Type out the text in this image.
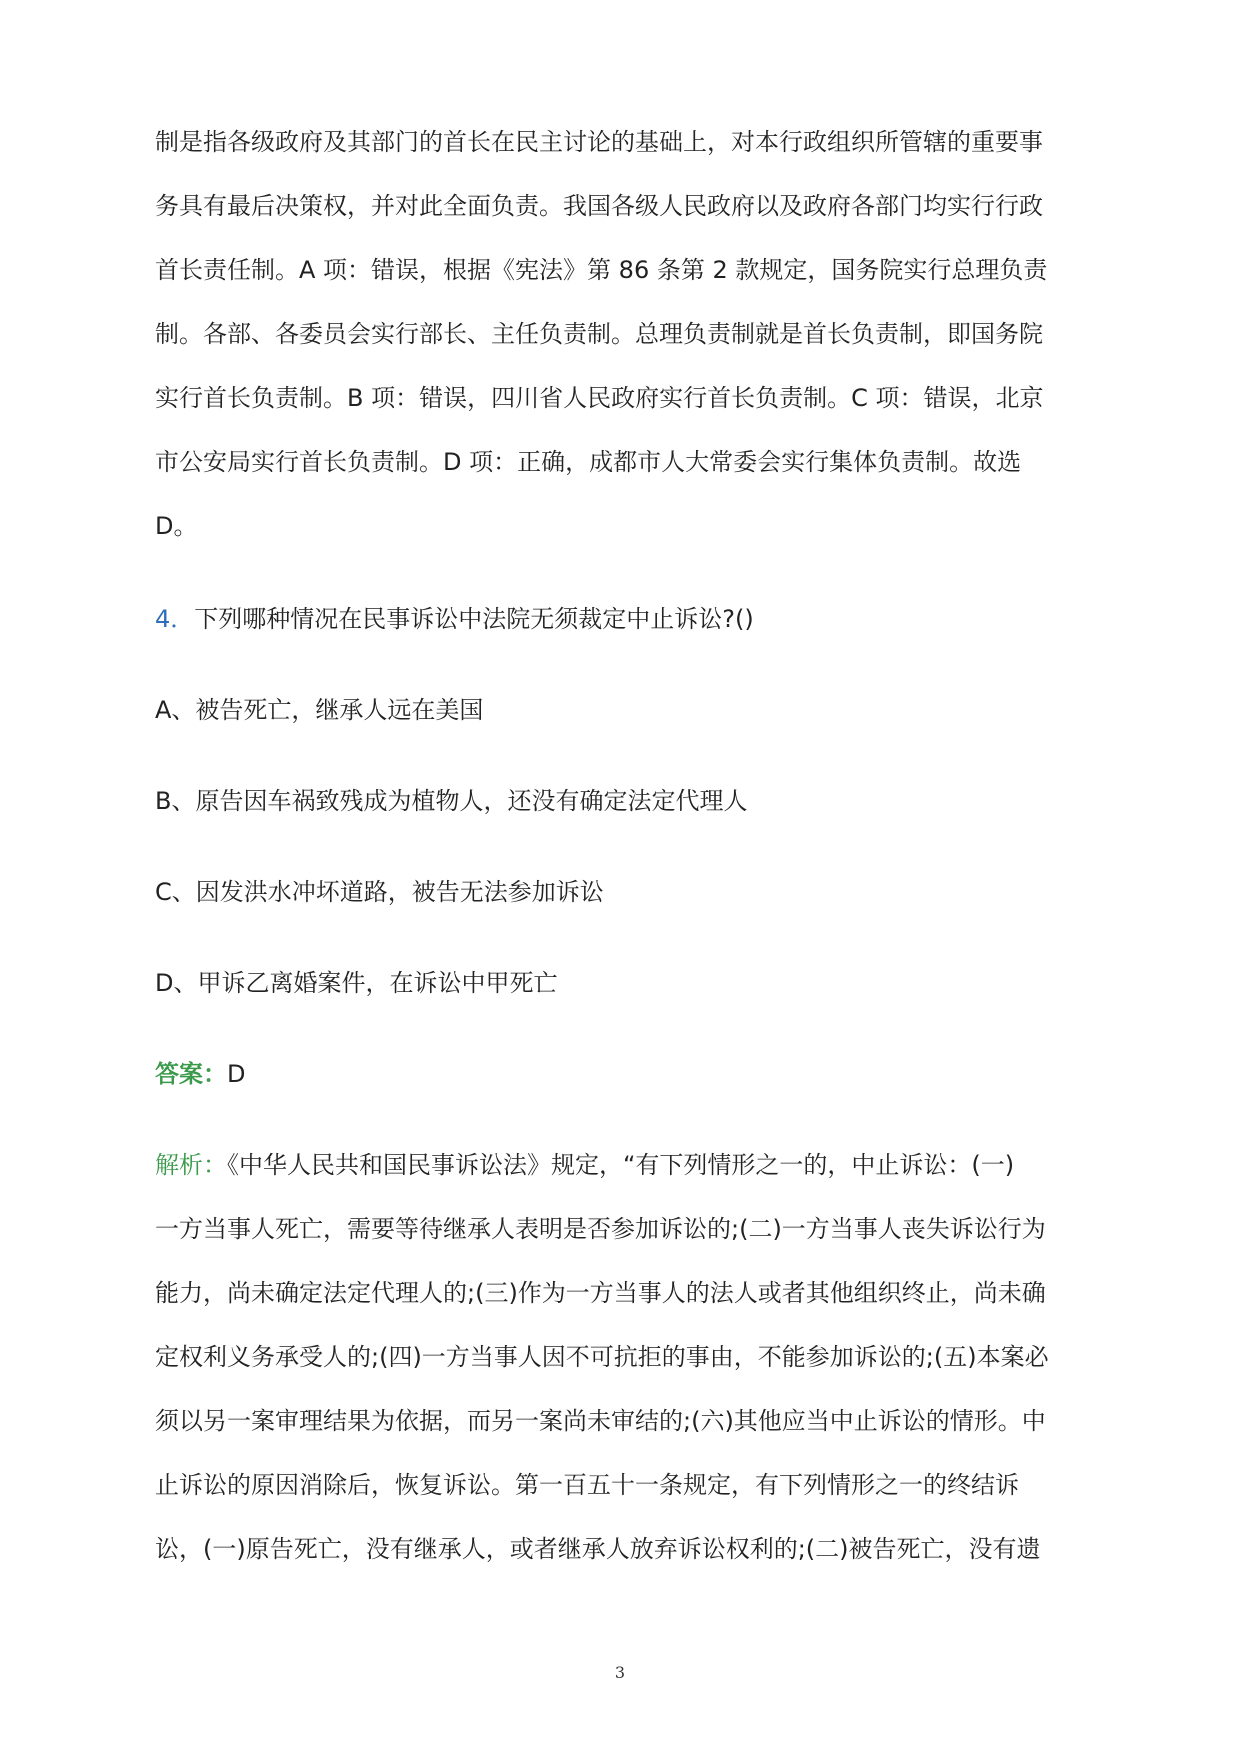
制是指各级政府及其部门的首长在民主讨论的基础上，对本行政组织所管辖的重要事
务具有最后决策权，并对此全面负责。我国各级人民政府以及政府各部门均实行行政
首长责任制。A 项：错误，根据《宪法》第 86 条第 2 款规定，国务院实行总理负责
制。各部、各委员会实行部长、主任负责制。总理负责制就是首长负责制，即国务院
实行首长负责制。B 项：错误，四川省人民政府实行首长负责制。C 项：错误，北京
市公安局实行首长负责制。D 项：正确，成都市人大常委会实行集体负责制。故选
D。
4．下列哪种情况在民事诉讼中法院无须裁定中止诉讼?()
A、被告死亡，继承人远在美国
B、原告因车祸致残成为植物人，还没有确定法定代理人
C、因发洪水冲坏道路，被告无法参加诉讼
D、甲诉乙离婚案件，在诉讼中甲死亡
答案：D
解析：《中华人民共和国民事诉讼法》规定，“有下列情形之一的，中止诉讼：(一)
一方当事人死亡，需要等待继承人表明是否参加诉讼的;(二)一方当事人丧失诉讼行为
能力，尚未确定法定代理人的;(三)作为一方当事人的法人或者其他组织终止，尚未确
定权利义务承受人的;(四)一方当事人因不可抗拒的事由，不能参加诉讼的;(五)本案必
须以另一案审理结果为依据，而另一案尚未审结的;(六)其他应当中止诉讼的情形。中
止诉讼的原因消除后，恢复诉讼。第一百五十一条规定，有下列情形之一的终结诉
讼，(一)原告死亡，没有继承人，或者继承人放弃诉讼权利的;(二)被告死亡，没有遗
3
